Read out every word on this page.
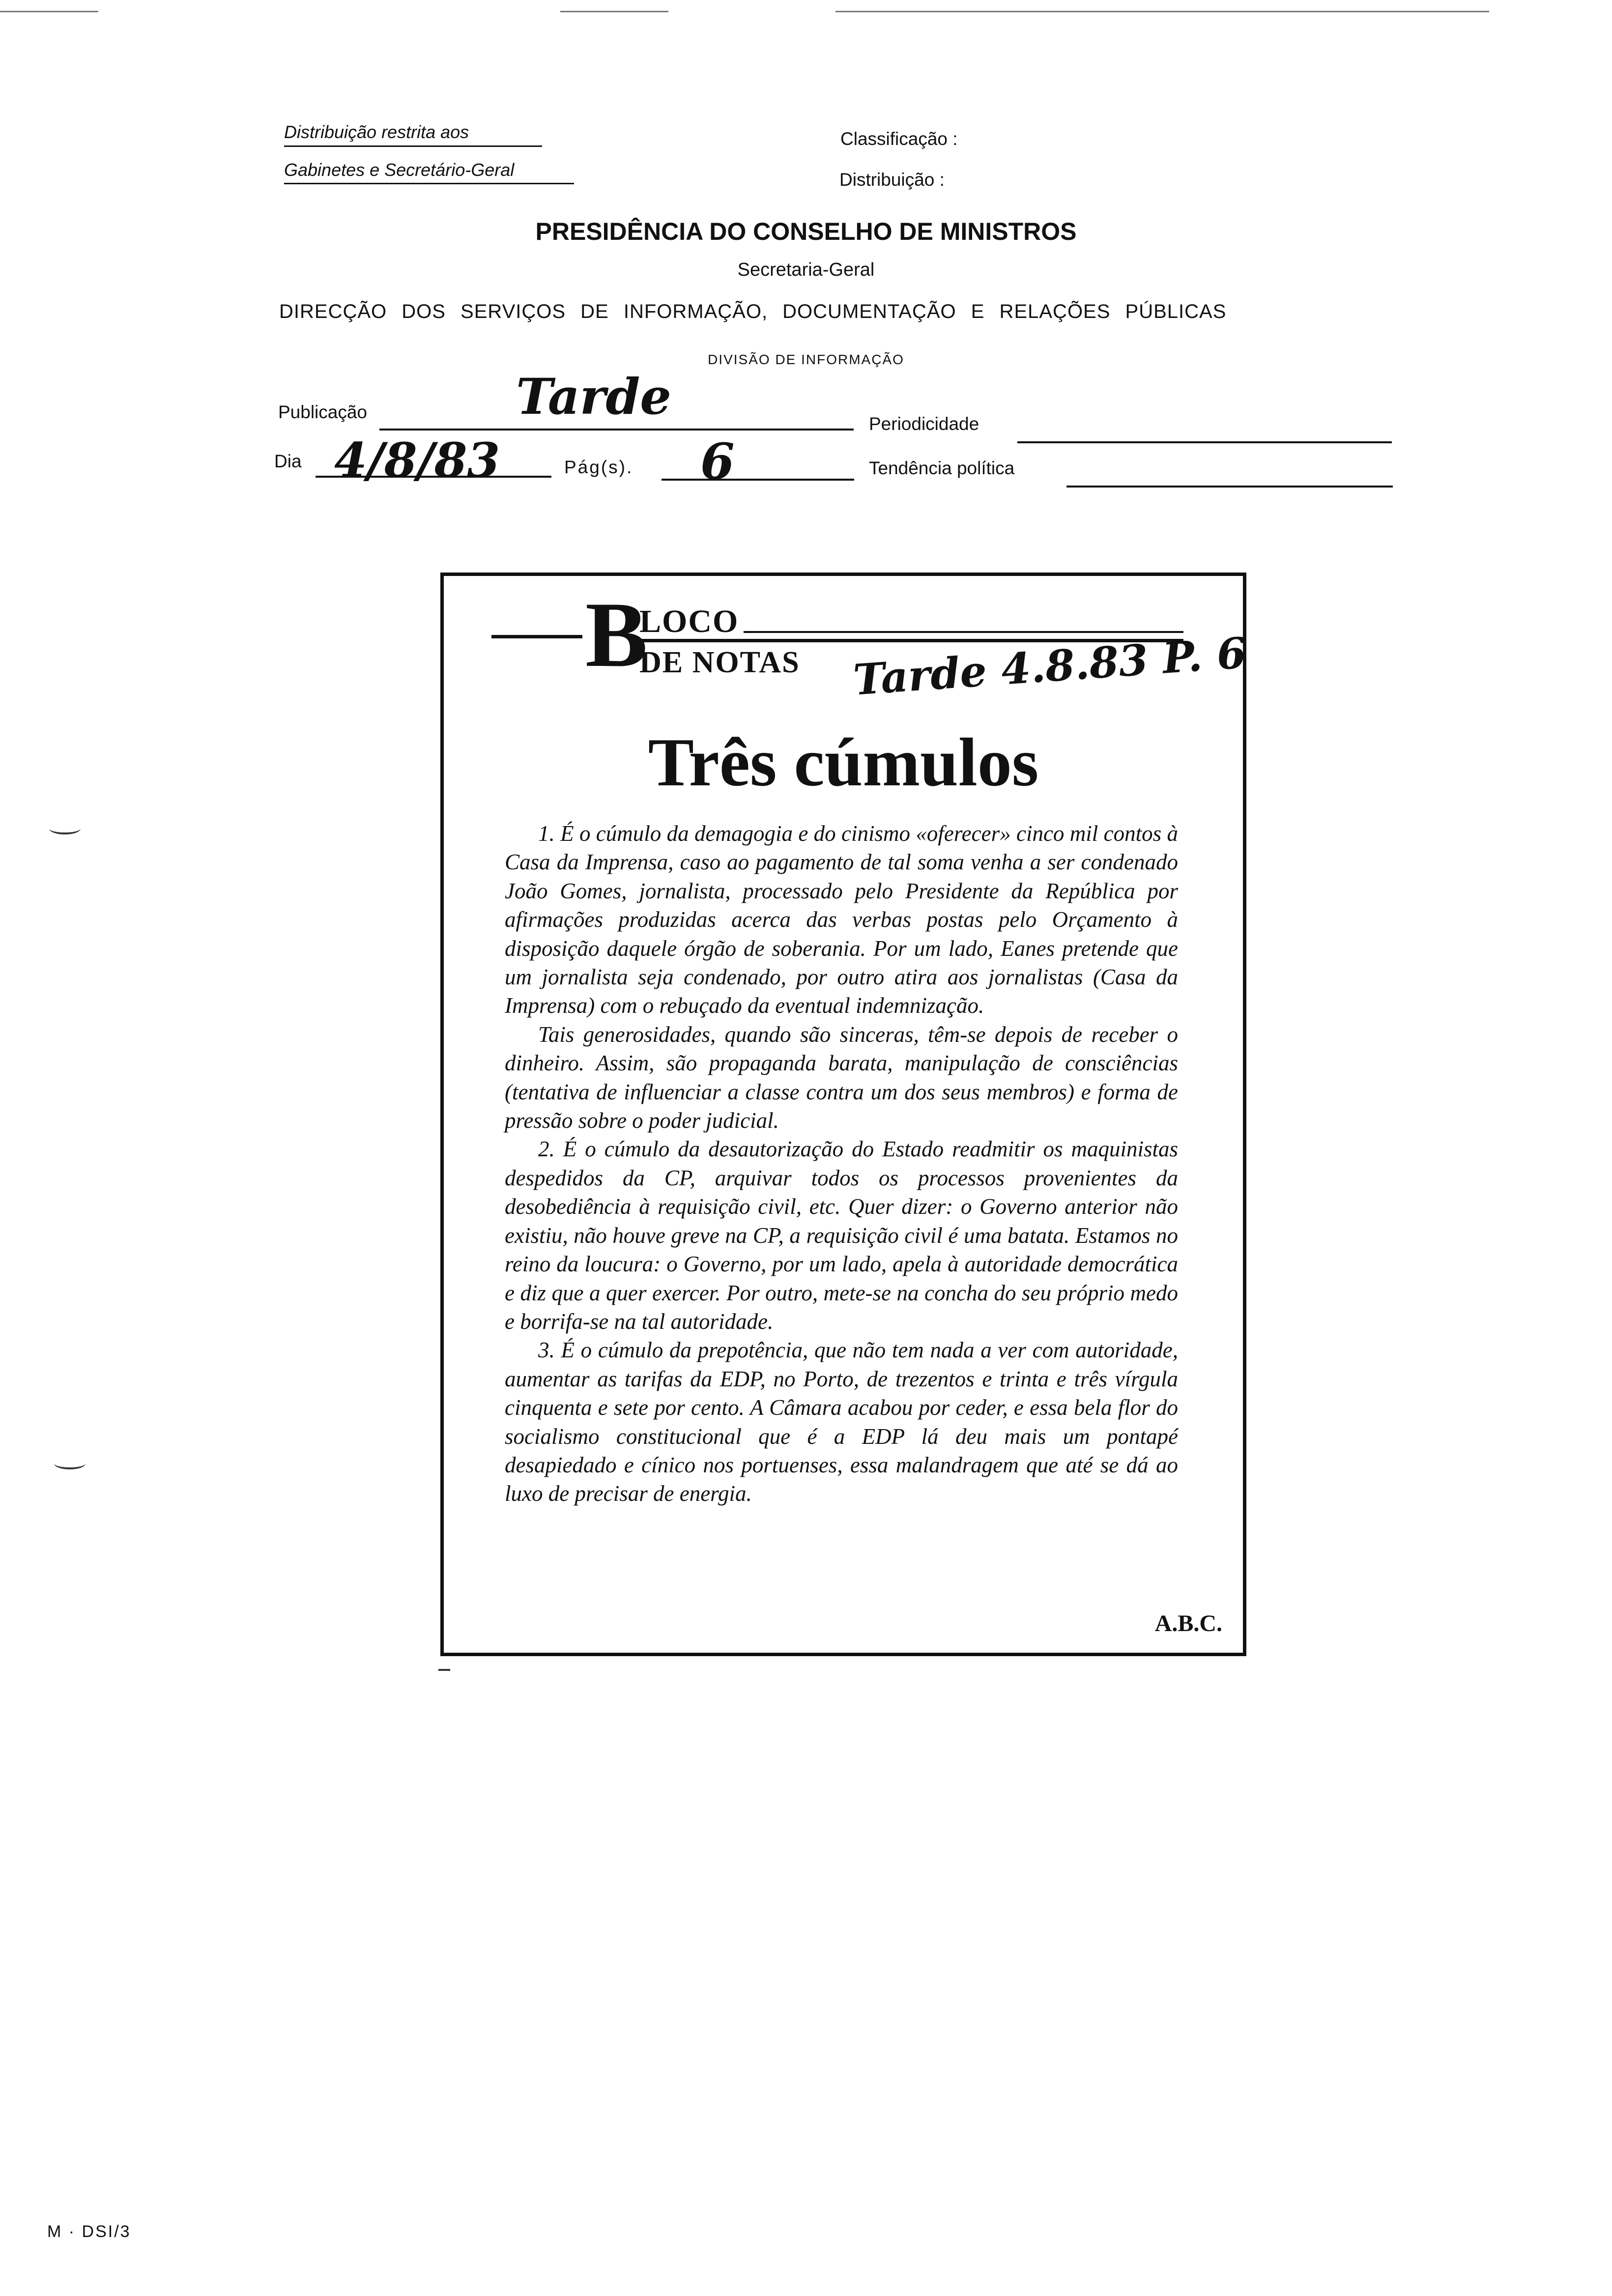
Distribuição restrita aos
Gabinetes e Secretário-Geral
Classificação :
Distribuição :
PRESIDÊNCIA DO CONSELHO DE MINISTROS
Secretaria-Geral
DIRECÇÃO DOS SERVIÇOS DE INFORMAÇÃO, DOCUMENTAÇÃO E RELAÇÕES PÚBLICAS
DIVISÃO DE INFORMAÇÃO
Publicação	Tarde	Periodicidade
Dia 4/8/83	Pág(s). 6	Tendência política
B
LOCO
DE NOTAS Tarde 4.8.83 P. 6
Três cúmulos

1. É o cúmulo da demagogia e do cinismo «oferecer» cinco mil contos à Casa da Imprensa, caso ao pagamento de tal soma venha a ser condenado João Gomes, jornalista, processado pelo Presidente da República por afirmações produzidas acerca das verbas postas pelo Orçamento à disposição daquele órgão de soberania. Por um lado, Eanes pretende que um jornalista seja condenado, por outro atira aos jornalistas (Casa da Imprensa) com o rebuçado da eventual indemnização.

Tais generosidades, quando são sinceras, têm-se depois de receber o dinheiro. Assim, são propaganda barata, manipulação de consciências (tentativa de influenciar a classe contra um dos seus membros) e forma de pressão sobre o poder judicial.

2. É o cúmulo da desautorização do Estado readmitir os maquinistas despedidos da CP, arquivar todos os processos provenientes da desobediência à requisição civil, etc. Quer dizer: o Governo anterior não existiu, não houve greve na CP, a requisição civil é uma batata. Estamos no reino da loucura: o Governo, por um lado, apela à autoridade democrática e diz que a quer exercer. Por outro, mete-se na concha do seu próprio medo e borrifa-se na tal autoridade.

3. É o cúmulo da prepotência, que não tem nada a ver com autoridade, aumentar as tarifas da EDP, no Porto, de trezentos e trinta e três vírgula cinquenta e sete por cento. A Câmara acabou por ceder, e essa bela flor do socialismo constitucional que é a EDP lá deu mais um pontapé desapiedado e cínico nos portuenses, essa malandragem que até se dá ao luxo de precisar de energia.

A.B.C.
M · DSI/3
